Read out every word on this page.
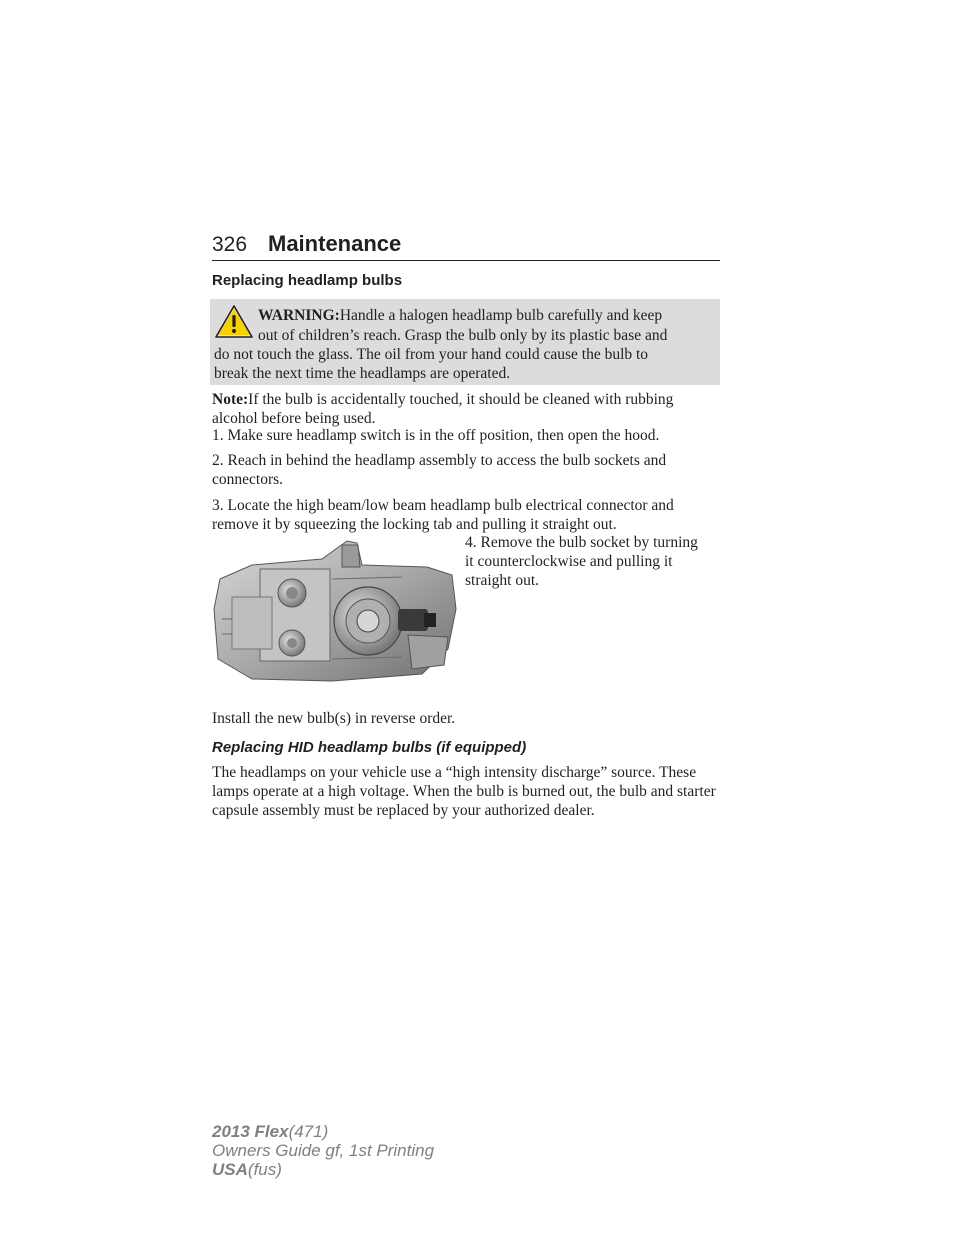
326 Maintenance
Replacing headlamp bulbs

WARNING:Handle a halogen headlamp bulb carefully and keep

out of children’s reach. Grasp the bulb only by its plastic base and

do not touch the glass. The oil from your hand could cause the bulb to

break the next time the headlamps are operated.

Note:If the bulb is accidentally touched, it should be cleaned with rubbing alcohol before being used.

1. Make sure headlamp switch is in the off position, then open the hood.

2. Reach in behind the headlamp assembly to access the bulb sockets and connectors.

3. Locate the high beam/low beam headlamp bulb electrical connector and remove it by squeezing the locking tab and pulling it straight out.

4. Remove the bulb socket by turning it counterclockwise and pulling it straight out.

Install the new bulb(s) in reverse order.

Replacing HID headlamp bulbs (if equipped)

The headlamps on your vehicle use a “high intensity discharge” source. These lamps operate at a high voltage. When the bulb is burned out, the bulb and starter capsule assembly must be replaced by your authorized dealer.

2013 Flex(471)
Owners Guide gf, 1st Printing
USA(fus)
